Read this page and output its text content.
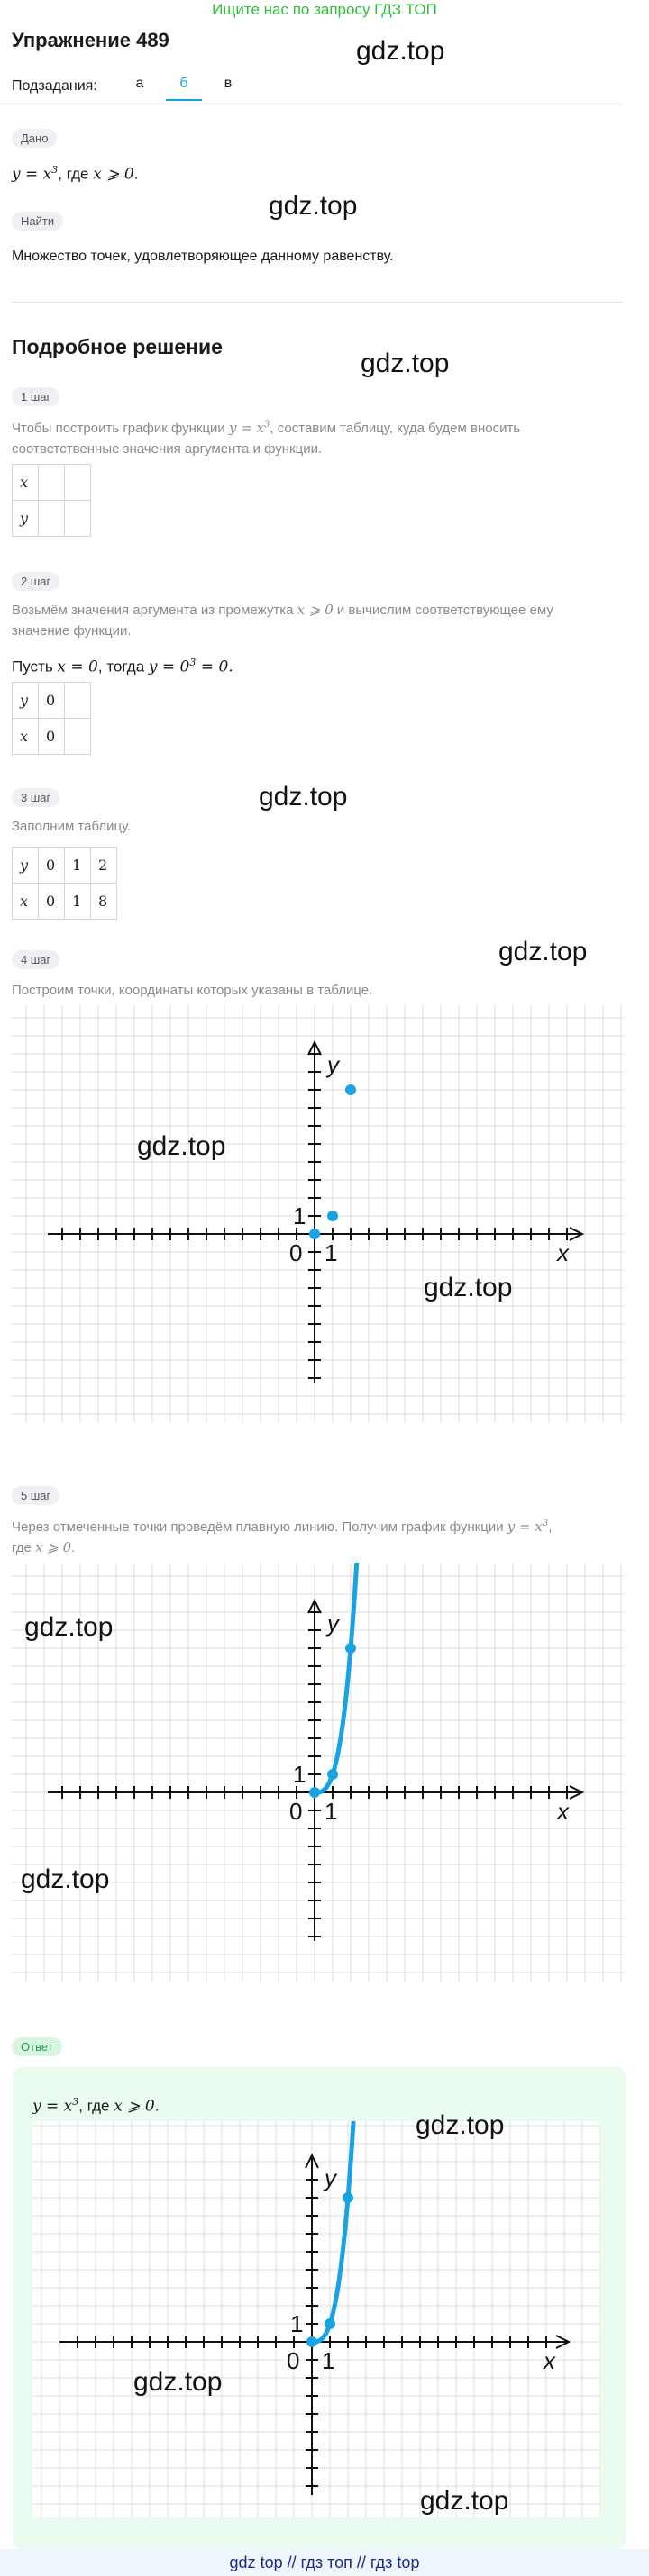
Ищите нас по запросу ГДЗ ТОП
Упражнение 489
Подзадания:	а	б	в
Дано
$y = x^3$, где x ⩾ 0.
Найти
Множество точек, удовлетворяющее данному равенству.
Подробное решение
1 шаг
Чтобы построить график функции $y = x^3$, составим таблицу, куда будем вносить
соответственные значения аргумента и функции.
x		
y		
2 шаг
Возьмём значения аргумента из промежутка x ⩾ 0 и вычислим соответствующее ему
значение функции.
Пусть x = 0, тогда $y = 0^3 = 0$.
y	0	
x	0	
3 шаг
Заполним таблицу.
y	0	1	2
x	0	1	8
4 шаг
Построим точки, координаты которых указаны в таблице.
x
y
0 1
1
5 шаг
Через отмеченные точки проведём плавную линию. Получим график функции $y = x^3$,
где x ⩾ 0.
x
y
0 1
1
Ответ
$y = x^3$, где x ⩾ 0.
x
y
0 1
1
gdz.top
gdz.top
gdz.top
gdz.top
gdz.top
gdz.top
gdz.top
gdz.top
gdz.top
gdz.top
gdz.top
gdz.top
gdz top // гдз топ // гдз top
